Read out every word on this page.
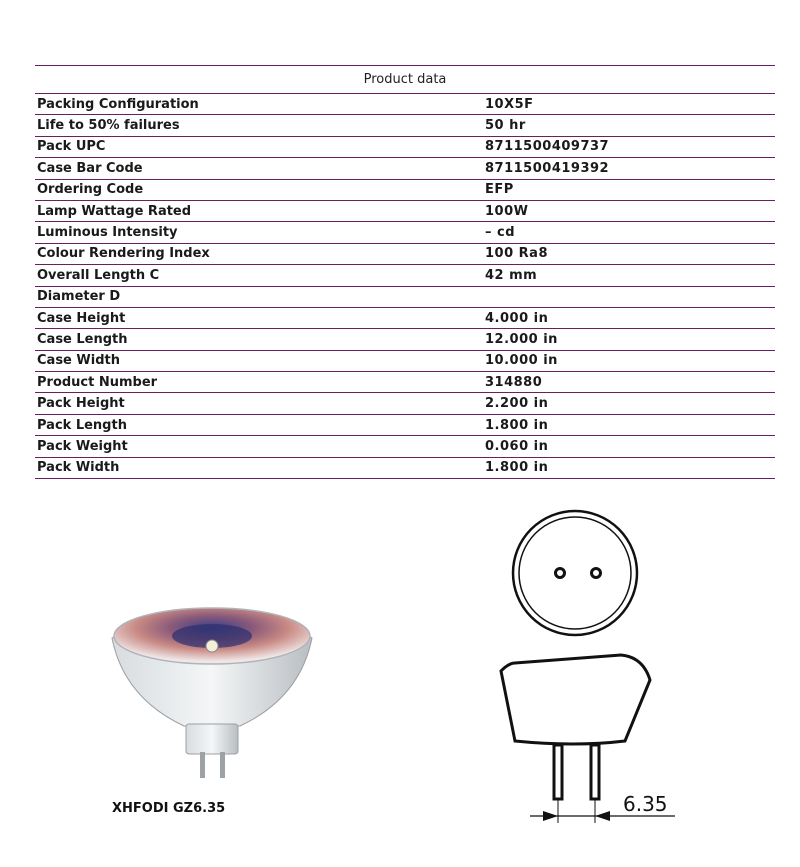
Product data
Packing Configuration	10X5F
Life to 50% failures	50 hr
Pack UPC	8711500409737
Case Bar Code	8711500419392
Ordering Code	EFP
Lamp Wattage Rated	100W
Luminous Intensity	– cd
Colour Rendering Index	100 Ra8
Overall Length C	42 mm
Diameter D
Case Height	4.000 in
Case Length	12.000 in
Case Width	10.000 in
Product Number	314880
Pack Height	2.200 in
Pack Length	1.800 in
Pack Weight	0.060 in
Pack Width	1.800 in
XHFODI GZ6.35	6.35
